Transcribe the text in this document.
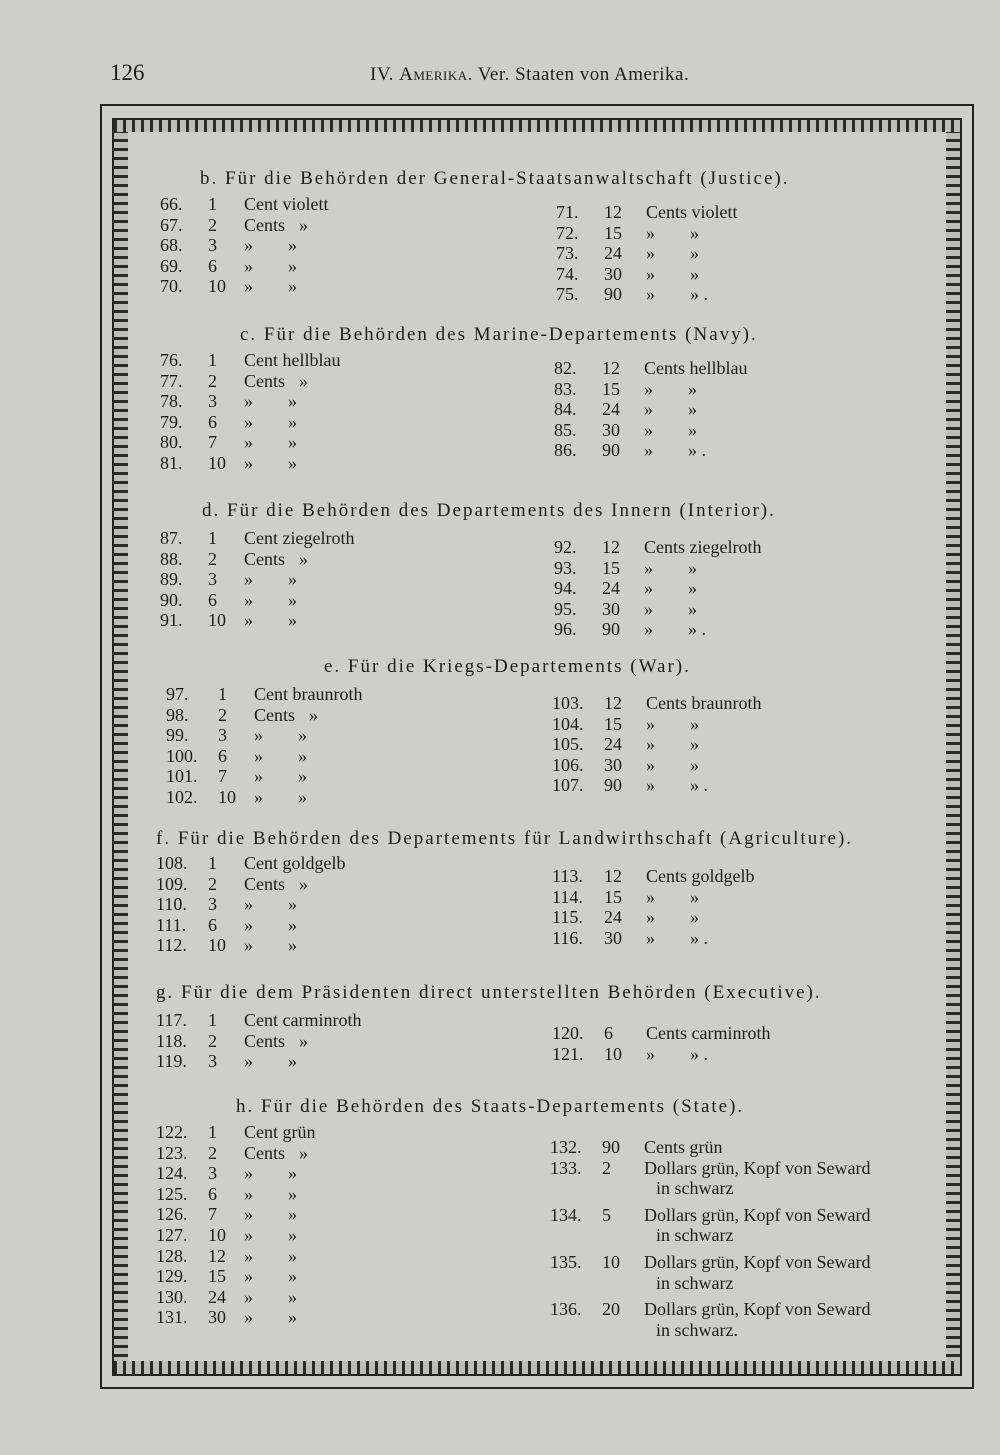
126	IV. Amerika. Ver. Staaten von Amerika.
b. Für die Behörden der General-Staatsanwaltschaft (Justice).
66.	1	Cent violett
67.	2	Cents »
68.	3	»	»
69.	6	»	»
70.	10	»	»
71.	12	Cents violett
72.	15	»	»
73.	24	»	»
74.	30	»	»
75.	90	»	» .
c. Für die Behörden des Marine-Departements (Navy).
76.	1	Cent hellblau
77.	2	Cents »
78.	3	»	»
79.	6	»	»
80.	7	»	»
81.	10	»	»
82.	12	Cents hellblau
83.	15	»	»
84.	24	»	»
85.	30	»	»
86.	90	»	» .
d. Für die Behörden des Departements des Innern (Interior).
87.	1	Cent ziegelroth
88.	2	Cents »
89.	3	»	»
90.	6	»	»
91.	10	»	»
92.	12	Cents ziegelroth
93.	15	»	»
94.	24	»	»
95.	30	»	»
96.	90	»	» .
e. Für die Kriegs-Departements (War).
97.	1	Cent braunroth
98.	2	Cents »
99.	3	»	»
100.	6	»	»
101.	7	»	»
102.	10	»	»
103.	12	Cents braunroth
104.	15	»	»
105.	24	»	»
106.	30	»	»
107.	90	»	» .
f. Für die Behörden des Departements für Landwirthschaft (Agriculture).
108.	1	Cent goldgelb
109.	2	Cents »
110.	3	»	»
111.	6	»	»
112.	10	»	»
113.	12	Cents goldgelb
114.	15	»	»
115.	24	»	»
116.	30	»	» .
g. Für die dem Präsidenten direct unterstellten Behörden (Executive).
117.	1	Cent carminroth
118.	2	Cents »
119.	3	»	»
120.	6	Cents carminroth
121.	10	»	» .
h. Für die Behörden des Staats-Departements (State).
122.	1	Cent grün
123.	2	Cents »
124.	3	»	»
125.	6	»	»
126.	7	»	»
127.	10	»	»
128.	12	»	»
129.	15	»	»
130.	24	»	»
131.	30	»	»
132.	90	Cents grün
133.	2	Dollars grün, Kopf von Seward
in schwarz
134.	5	Dollars grün, Kopf von Seward
in schwarz
135.	10	Dollars grün, Kopf von Seward
in schwarz
136.	20	Dollars grün, Kopf von Seward
in schwarz.
